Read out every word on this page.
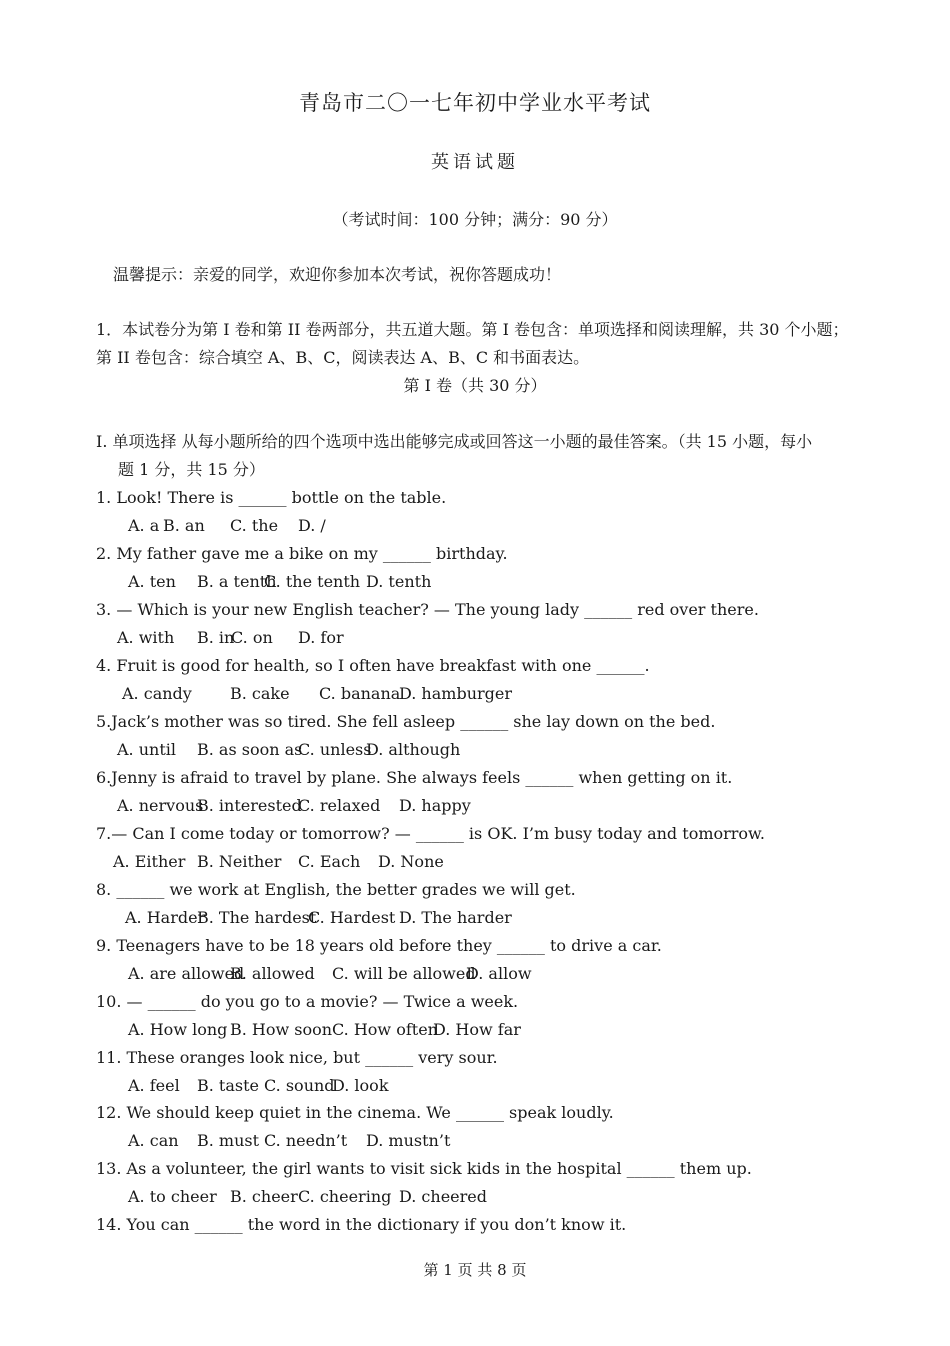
青岛市二〇一七年初中学业水平考试
英语试题
（考试时间：100 分钟；满分：90 分）
温馨提示：亲爱的同学，欢迎你参加本次考试，祝你答题成功！
1．本试卷分为第 I 卷和第 II 卷两部分，共五道大题。第 I 卷包含：单项选择和阅读理解，共 30 个小题；
第 II 卷包含：综合填空 A、B、C，阅读表达 A、B、C 和书面表达。
第 I 卷（共 30 分）
I. 单项选择 从每小题所给的四个选项中选出能够完成或回答这一小题的最佳答案。（共 15 小题，每小
题 1 分，共 15 分）
1. Look! There is ______ bottle on the table.
2. My father gave me a bike on my ______ birthday.
3. — Which is your new English teacher? — The young lady ______ red over there.
4. Fruit is good for health, so I often have breakfast with one ______.
5.Jack’s mother was so tired. She fell asleep ______ she lay down on the bed.
6.Jenny is afraid to travel by plane. She always feels ______ when getting on it.
7.— Can I come today or tomorrow? — ______ is OK. I’m busy today and tomorrow.
8. ______ we work at English, the better grades we will get.
9. Teenagers have to be 18 years old before they ______ to drive a car.
10. — ______ do you go to a movie? — Twice a week.
11. These oranges look nice, but ______ very sour.
12. We should keep quiet in the cinema. We ______ speak loudly.
13. As a volunteer, the girl wants to visit sick kids in the hospital ______ them up.
14. You can ______ the word in the dictionary if you don’t know it.
A. a B. an C. the D. /
A. ten B. a tenth
C. the tenth D. tenth
A. with B. in
C. on D. for
A. candy B. cake C. banana
D. hamburger
A. until B. as soon as
C. unless
D. although
A. nervous
B. interested
C. relaxed D. happy
A. Either B. Neither C. Each D. None
A. Harder
B. The hardest
C. Hardest D. The harder
A. are allowed
B. allowed C. will be allowed
D. allow
A. How long B. How soon C. How often
D. How far
A. feel B. taste C. sound
D. look
A. can B. must C. needn’t D. mustn’t
A. to cheer B. cheer C. cheering D. cheered
第 1 页 共 8 页
